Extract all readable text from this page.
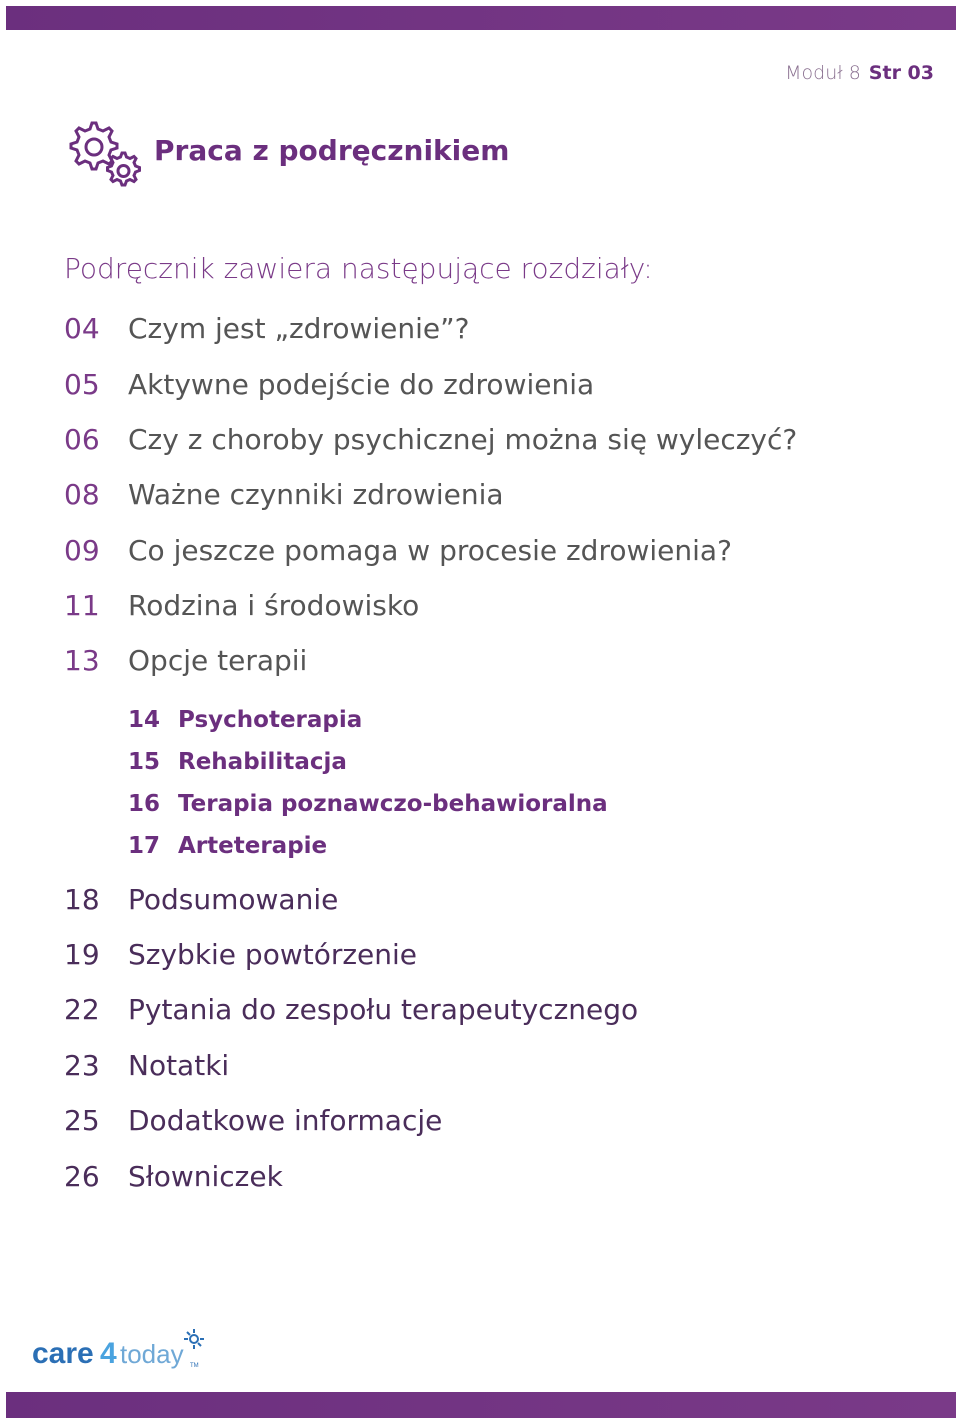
Moduł 8 Str 03
Praca z podręcznikiem
Podręcznik zawiera następujące rozdziały:
04 Czym jest „zdrowienie”?
05 Aktywne podejście do zdrowienia
06 Czy z choroby psychicznej można się wyleczyć?
08 Ważne czynniki zdrowienia
09 Co jeszcze pomaga w procesie zdrowienia?
11 Rodzina i środowisko
13 Opcje terapii
14 Psychoterapia
15 Rehabilitacja
16 Terapia poznawczo-behawioralna
17 Arteterapie
18 Podsumowanie
19 Szybkie powtórzenie
22 Pytania do zespołu terapeutycznego
23 Notatki
25 Dodatkowe informacje
26 Słowniczek
care 4 today TM
